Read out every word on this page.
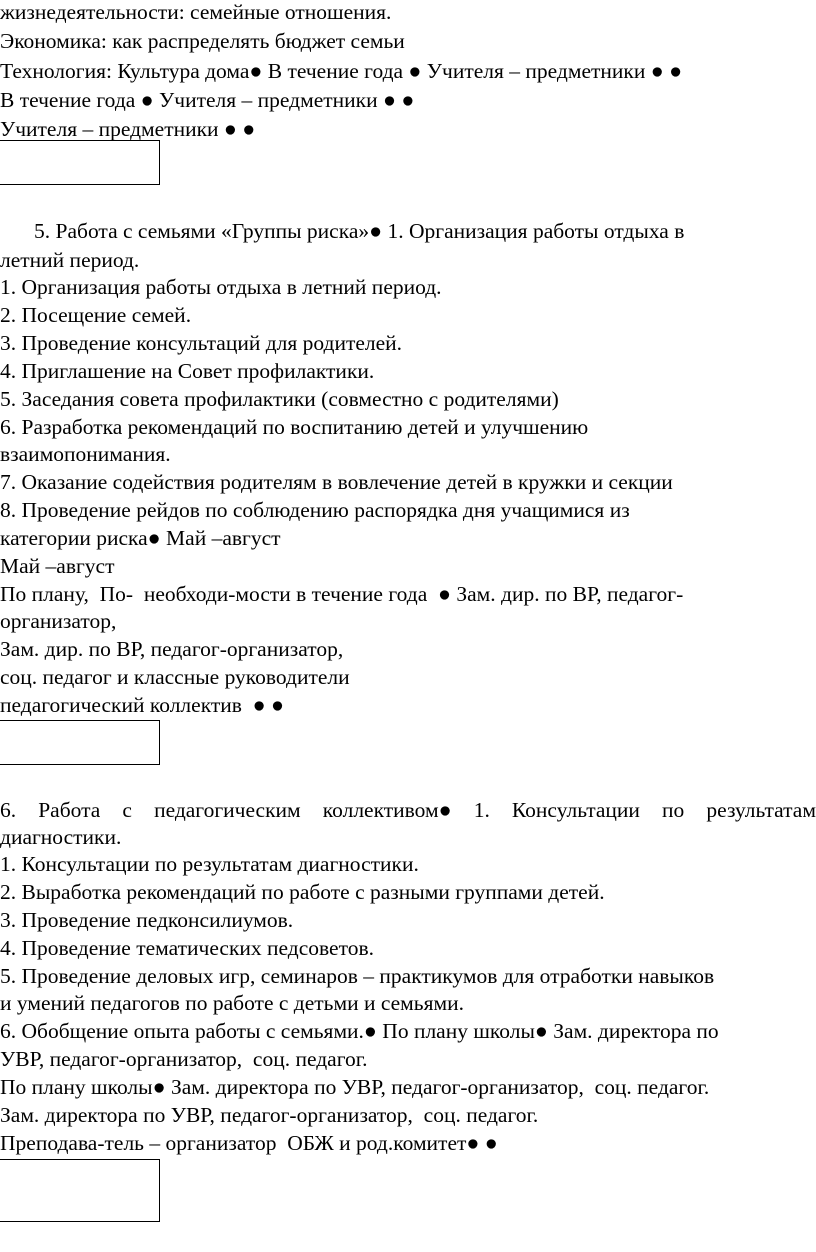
жизнедеятельности: семейные отношения.
Экономика: как распределять бюджет семьи
Технология: Культура дома● В течение года ● Учителя – предметники ● ●
В течение года ● Учителя – предметники ● ●
Учителя – предметники ● ●
5. Работа с семьями «Группы риска»● 1. Организация работы отдыха в
летний период.
1. Организация работы отдыха в летний период.
2. Посещение семей.
3. Проведение консультаций для родителей.
4. Приглашение на Совет профилактики.
5. Заседания совета профилактики (совместно с родителями)
6. Разработка рекомендаций по воспитанию детей и улучшению
взаимопонимания.
7. Оказание содействия родителям в вовлечение детей в кружки и секции
8. Проведение рейдов по соблюдению распорядка дня учащимися из
категории риска● Май –август
Май –август
По плану,  По-  необходи-мости в течение года  ● Зам. дир. по ВР, педагог-
организатор,
Зам. дир. по ВР, педагог-организатор,
соц. педагог и классные руководители
педагогический коллектив  ● ●
6. Работа с педагогическим коллективом● 1. Консультации по результатам
диагностики.
1. Консультации по результатам диагностики.
2. Выработка рекомендаций по работе с разными группами детей.
3. Проведение педконсилиумов.
4. Проведение тематических педсоветов.
5. Проведение деловых игр, семинаров – практикумов для отработки навыков
и умений педагогов по работе с детьми и семьями.
6. Обобщение опыта работы с семьями.● По плану школы● Зам. директора по
УВР, педагог-организатор,  соц. педагог.
По плану школы● Зам. директора по УВР, педагог-организатор,  соц. педагог.
Зам. директора по УВР, педагог-организатор,  соц. педагог.
Преподава-тель – организатор  ОБЖ и род.комитет● ●
